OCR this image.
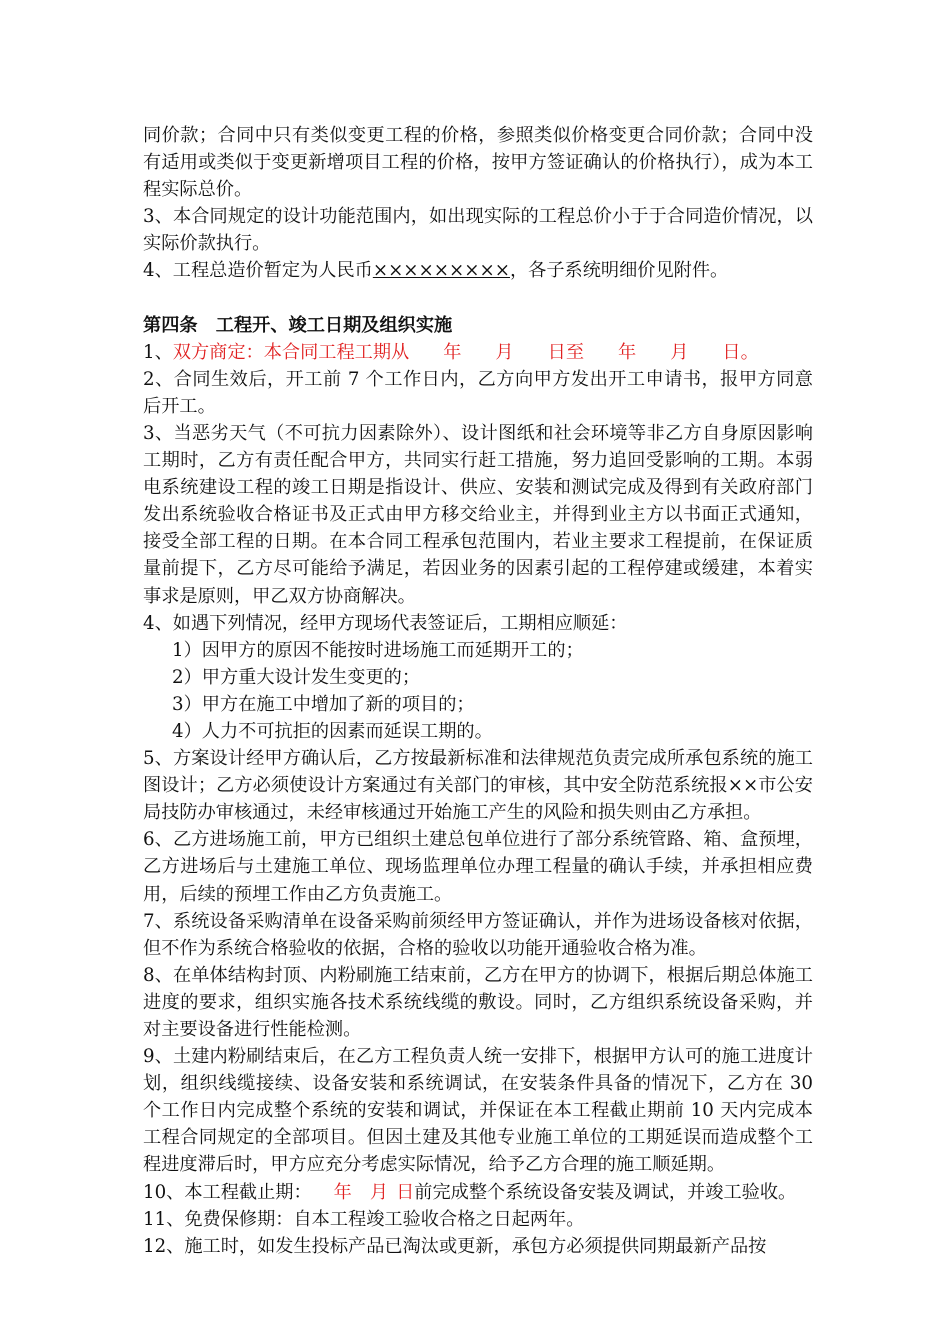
同价款；合同中只有类似变更工程的价格，参照类似价格变更合同价款；合同中没有适用或类似于变更新增项目工程的价格，按甲方签证确认的价格执行），成为本工程实际总价。

3、本合同规定的设计功能范围内，如出现实际的工程总价小于于合同造价情况，以实际价款执行。

4、工程总造价暂定为人民币×××××××××，各子系统明细价见附件。

第四条　工程开、竣工日期及组织实施

1、双方商定：本合同工程工期从 年 月 日至 年 月 日。

2、合同生效后，开工前 7 个工作日内，乙方向甲方发出开工申请书，报甲方同意后开工。

3、当恶劣天气（不可抗力因素除外）、设计图纸和社会环境等非乙方自身原因影响工期时，乙方有责任配合甲方，共同实行赶工措施，努力追回受影响的工期。本弱电系统建设工程的竣工日期是指设计、供应、安装和测试完成及得到有关政府部门发出系统验收合格证书及正式由甲方移交给业主，并得到业主方以书面正式通知，接受全部工程的日期。在本合同工程承包范围内，若业主要求工程提前，在保证质量前提下，乙方尽可能给予满足，若因业务的因素引起的工程停建或缓建，本着实事求是原则，甲乙双方协商解决。

4、如遇下列情况，经甲方现场代表签证后，工期相应顺延：

1）因甲方的原因不能按时进场施工而延期开工的；

2）甲方重大设计发生变更的；

3）甲方在施工中增加了新的项目的；

4）人力不可抗拒的因素而延误工期的。

5、方案设计经甲方确认后，乙方按最新标准和法律规范负责完成所承包系统的施工图设计；乙方必须使设计方案通过有关部门的审核，其中安全防范系统报××市公安局技防办审核通过，未经审核通过开始施工产生的风险和损失则由乙方承担。

6、乙方进场施工前，甲方已组织土建总包单位进行了部分系统管路、箱、盒预埋，乙方进场后与土建施工单位、现场监理单位办理工程量的确认手续，并承担相应费用，后续的预埋工作由乙方负责施工。

7、系统设备采购清单在设备采购前须经甲方签证确认，并作为进场设备核对依据，但不作为系统合格验收的依据，合格的验收以功能开通验收合格为准。

8、在单体结构封顶、内粉刷施工结束前，乙方在甲方的协调下，根据后期总体施工进度的要求，组织实施各技术系统线缆的敷设。同时，乙方组织系统设备采购，并对主要设备进行性能检测。

9、土建内粉刷结束后，在乙方工程负责人统一安排下，根据甲方认可的施工进度计划，组织线缆接续、设备安装和系统调试，在安装条件具备的情况下，乙方在 30 个工作日内完成整个系统的安装和调试，并保证在本工程截止期前 10 天内完成本工程合同规定的全部项目。但因土建及其他专业施工单位的工期延误而造成整个工程进度滞后时，甲方应充分考虑实际情况，给予乙方合理的施工顺延期。

10、本工程截止期： 年 月 日前完成整个系统设备安装及调试，并竣工验收。

11、免费保修期：自本工程竣工验收合格之日起两年。

12、施工时，如发生投标产品已淘汰或更新，承包方必须提供同期最新产品按
